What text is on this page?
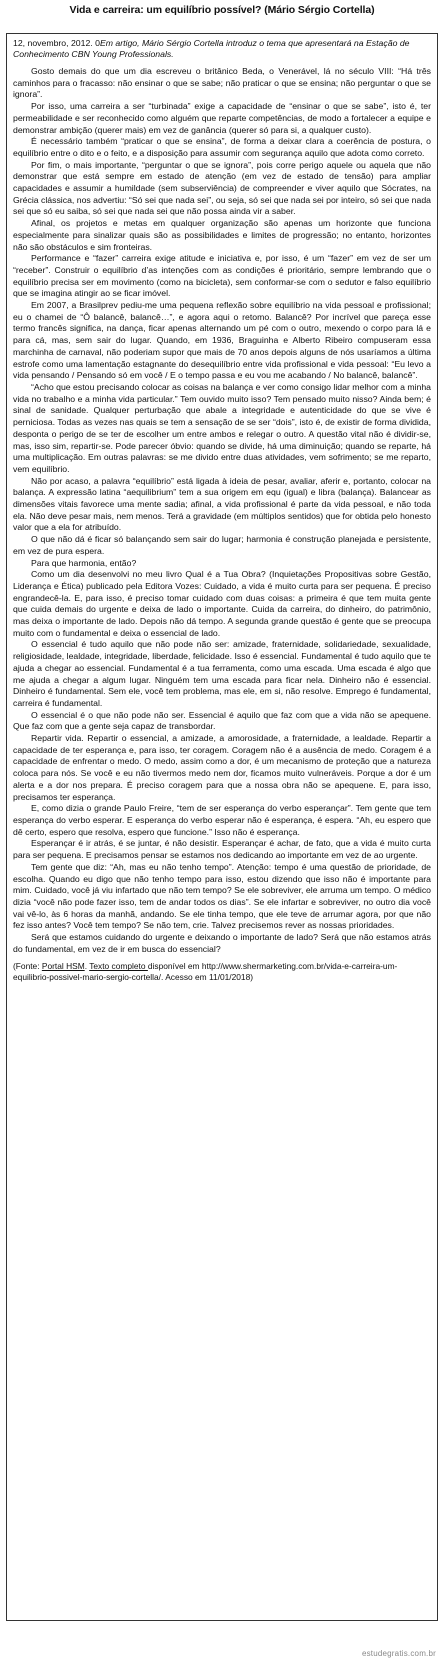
Vida e carreira: um equilíbrio possível? (Mário Sérgio Cortella)

12, novembro, 2012. 0Em artigo, Mário Sérgio Cortella introduz o tema que apresentará na Estação de Conhecimento CBN Young Professionals.

Gosto demais do que um dia escreveu o britânico Beda, o Venerável, lá no século VIII: “Há três caminhos para o fracasso: não ensinar o que se sabe; não praticar o que se ensina; não perguntar o que se ignora”.

Por isso, uma carreira a ser “turbinada” exige a capacidade de “ensinar o que se sabe”, isto é, ter permeabilidade e ser reconhecido como alguém que reparte competências, de modo a fortalecer a equipe e demonstrar ambição (querer mais) em vez de ganância (querer só para si, a qualquer custo).

É necessário também “praticar o que se ensina”, de forma a deixar clara a coerência de postura, o equilíbrio entre o dito e o feito, e a disposição para assumir com segurança aquilo que adota como correto.

Por fim, o mais importante, “perguntar o que se ignora”, pois corre perigo aquele ou aquela que não demonstrar que está sempre em estado de atenção (em vez de estado de tensão) para ampliar capacidades e assumir a humildade (sem subserviência) de compreender e viver aquilo que Sócrates, na Grécia clássica, nos advertiu: “Só sei que nada sei”, ou seja, só sei que nada sei por inteiro, só sei que nada sei que só eu saiba, só sei que nada sei que não possa ainda vir a saber.

Afinal, os projetos e metas em qualquer organização são apenas um horizonte que funciona especialmente para sinalizar quais são as possibilidades e limites de progressão; no entanto, horizontes não são obstáculos e sim fronteiras.

Performance e “fazer” carreira exige atitude e iniciativa e, por isso, é um “fazer” em vez de ser um “receber”. Construir o equilíbrio d’as intenções com as condições é prioritário, sempre lembrando que o equilíbrio precisa ser em movimento (como na bicicleta), sem conformar-se com o sedutor e falso equilíbrio que se imagina atingir ao se ficar imóvel.

Em 2007, a Brasilprev pediu-me uma pequena reflexão sobre equilíbrio na vida pessoal e profissional; eu o chamei de “Ô balancê, balancê…”, e agora aqui o retomo. Balancê? Por incrível que pareça esse termo francês significa, na dança, ficar apenas alternando um pé com o outro, mexendo o corpo para lá e para cá, mas, sem sair do lugar. Quando, em 1936, Braguinha e Alberto Ribeiro compuseram essa marchinha de carnaval, não poderiam supor que mais de 70 anos depois alguns de nós usaríamos a última estrofe como uma lamentação estagnante do desequilíbrio entre vida profissional e vida pessoal: “Eu levo a vida pensando / Pensando só em você / E o tempo passa e eu vou me acabando / No balancê, balancê”.

“Acho que estou precisando colocar as coisas na balança e ver como consigo lidar melhor com a minha vida no trabalho e a minha vida particular.” Tem ouvido muito isso? Tem pensado muito nisso? Ainda bem; é sinal de sanidade. Qualquer perturbação que abale a integridade e autenticidade do que se vive é perniciosa. Todas as vezes nas quais se tem a sensação de se ser “dois”, isto é, de existir de forma dividida, desponta o perigo de se ter de escolher um entre ambos e relegar o outro. A questão vital não é dividir-se, mas, isso sim, repartir-se. Pode parecer óbvio: quando se divide, há uma diminuição; quando se reparte, há uma multiplicação. Em outras palavras: se me divido entre duas atividades, vem sofrimento; se me reparto, vem equilíbrio.

Não por acaso, a palavra “equilíbrio” está ligada à ideia de pesar, avaliar, aferir e, portanto, colocar na balança. A expressão latina “aequilibrium” tem a sua origem em equ (igual) e libra (balança). Balancear as dimensões vitais favorece uma mente sadia; afinal, a vida profissional é parte da vida pessoal, e não toda ela. Não deve pesar mais, nem menos. Terá a gravidade (em múltiplos sentidos) que for obtida pelo honesto valor que a ela for atribuído.

O que não dá é ficar só balançando sem sair do lugar; harmonia é construção planejada e persistente, em vez de pura espera.

Para que harmonia, então?

Como um dia desenvolvi no meu livro Qual é a Tua Obra? (Inquietações Propositivas sobre Gestão, Liderança e Ética) publicado pela Editora Vozes: Cuidado, a vida é muito curta para ser pequena. É preciso engrandecê-la. E, para isso, é preciso tomar cuidado com duas coisas: a primeira é que tem muita gente que cuida demais do urgente e deixa de lado o importante. Cuida da carreira, do dinheiro, do patrimônio, mas deixa o importante de lado. Depois não dá tempo. A segunda grande questão é gente que se preocupa muito com o fundamental e deixa o essencial de lado.

O essencial é tudo aquilo que não pode não ser: amizade, fraternidade, solidariedade, sexualidade, religiosidade, lealdade, integridade, liberdade, felicidade. Isso é essencial. Fundamental é tudo aquilo que te ajuda a chegar ao essencial. Fundamental é a tua ferramenta, como uma escada. Uma escada é algo que me ajuda a chegar a algum lugar. Ninguém tem uma escada para ficar nela. Dinheiro não é essencial. Dinheiro é fundamental. Sem ele, você tem problema, mas ele, em si, não resolve. Emprego é fundamental, carreira é fundamental.

O essencial é o que não pode não ser. Essencial é aquilo que faz com que a vida não se apequene. Que faz com que a gente seja capaz de transbordar.

Repartir vida. Repartir o essencial, a amizade, a amorosidade, a fraternidade, a lealdade. Repartir a capacidade de ter esperança e, para isso, ter coragem. Coragem não é a ausência de medo. Coragem é a capacidade de enfrentar o medo. O medo, assim como a dor, é um mecanismo de proteção que a natureza coloca para nós. Se você e eu não tivermos medo nem dor, ficamos muito vulneráveis. Porque a dor é um alerta e a dor nos prepara. É preciso coragem para que a nossa obra não se apequene. E, para isso, precisamos ter esperança.

E, como dizia o grande Paulo Freire, “tem de ser esperança do verbo esperançar”. Tem gente que tem esperança do verbo esperar. E esperança do verbo esperar não é esperança, é espera. “Ah, eu espero que dê certo, espero que resolva, espero que funcione.” Isso não é esperança.

Esperançar é ir atrás, é se juntar, é não desistir. Esperançar é achar, de fato, que a vida é muito curta para ser pequena. E precisamos pensar se estamos nos dedicando ao importante em vez de ao urgente.

Tem gente que diz: “Ah, mas eu não tenho tempo”. Atenção: tempo é uma questão de prioridade, de escolha. Quando eu digo que não tenho tempo para isso, estou dizendo que isso não é importante para mim. Cuidado, você já viu infartado que não tem tempo? Se ele sobreviver, ele arruma um tempo. O médico dizia “você não pode fazer isso, tem de andar todos os dias”. Se ele infartar e sobreviver, no outro dia você vai vê-lo, às 6 horas da manhã, andando. Se ele tinha tempo, que ele teve de arrumar agora, por que não fez isso antes? Você tem tempo? Se não tem, crie. Talvez precisemos rever as nossas prioridades.

Será que estamos cuidando do urgente e deixando o importante de lado? Será que não estamos atrás do fundamental, em vez de ir em busca do essencial?

(Fonte: Portal HSM. Texto completo disponível em http://www.shermarketing.com.br/vida-e-carreira-um-equilibrio-possivel-mario-sergio-cortella/. Acesso em 11/01/2018)

estudegratis.com.br
